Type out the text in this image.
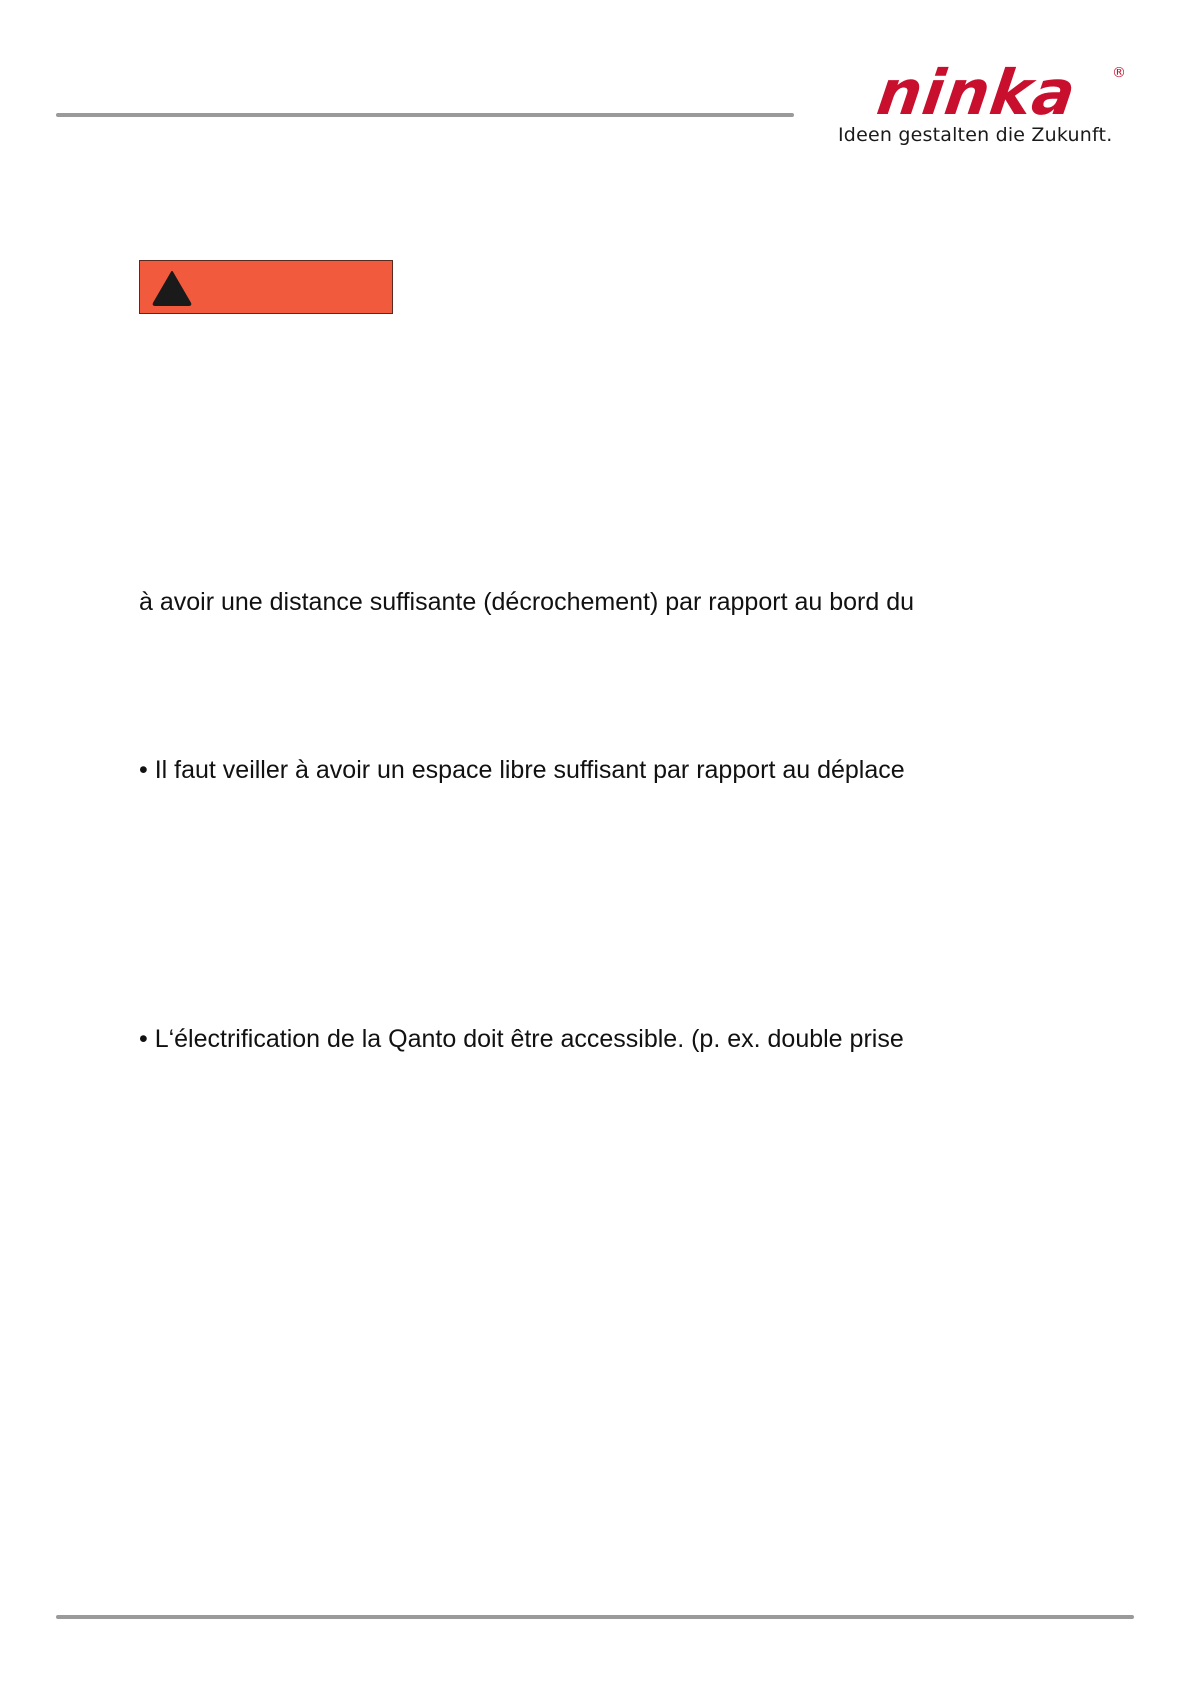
ninka ®
Ideen gestalten die Zukunft.
à avoir une distance suffisante (décrochement) par rapport au bord du
• Il faut veiller à avoir un espace libre suffisant par rapport au déplace
• L‘électrification de la Qanto doit être accessible. (p. ex. double prise
